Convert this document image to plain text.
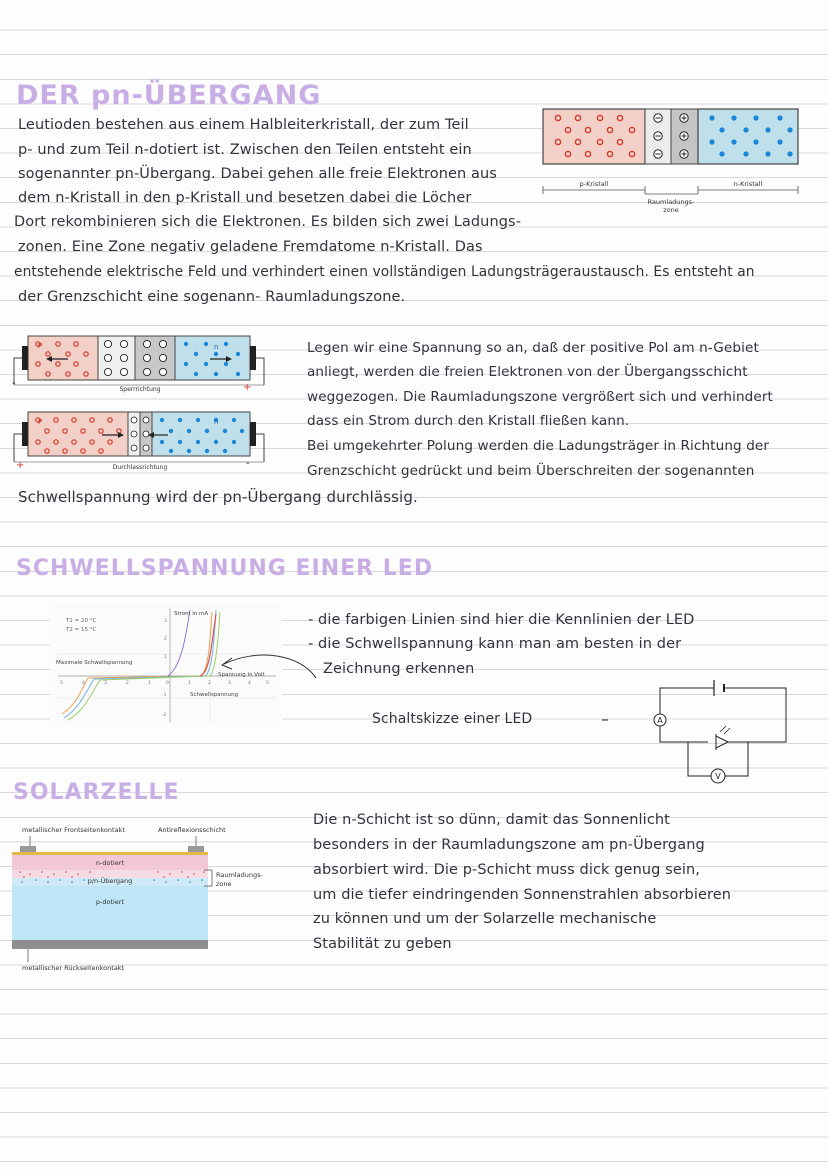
DER pn-ÜBERGANG
Leutioden bestehen aus einem Halbleiterkristall, der zum Teil
p- und zum Teil n-dotiert ist. Zwischen den Teilen entsteht ein
sogenannter pn-Übergang. Dabei gehen alle freie Elektronen aus
dem n-Kristall in den p-Kristall und besetzen dabei die Löcher
Dort rekombinieren sich die Elektronen. Es bilden sich zwei Ladungs-
zonen. Eine Zone negativ geladene Fremdatome n-Kristall. Das
entstehende elektrische Feld und verhindert einen vollständigen Ladungsträgeraustausch. Es entsteht an
der Grenzschicht eine sogenann- Raumladungszone.
p-Kristall	n-Kristall
Raumladungs-
zone
P	n
-	+
Sperrrichtung
P	n
+	-
Durchlassrichtung
Legen wir eine Spannung so an, daß der positive Pol am n-Gebiet
anliegt, werden die freien Elektronen von der Übergangsschicht
weggezogen. Die Raumladungszone vergrößert sich und verhindert
dass ein Strom durch den Kristall fließen kann.
Bei umgekehrter Polung werden die Ladungsträger in Richtung der
Grenzschicht gedrückt und beim Überschreiten der sogenannten
Schwellspannung wird der pn-Übergang durchlässig.
SCHWELLSPANNUNG EINER LED
T1 = 20 °C
T2 = 15 °C
Strom in mA
Spannung in Volt
Maximale Schwellspannung
Schwellspannung
5	4	3	2	1	0	1	2	3	4	5
3
2
1
-1
-2
- die farbigen Linien sind hier die Kennlinien der LED
- die Schwellspannung kann man am besten in der
Zeichnung erkennen
Schaltskizze einer LED	A
V
SOLARZELLE
metallischer Frontseitenkontakt	Antireflexionsschicht
n-dotiert
p/n-Übergang
Raumladungs-
zone
p-dotiert
metallischer Rückseitenkontakt
Die n-Schicht ist so dünn, damit das Sonnenlicht
besonders in der Raumladungszone am pn-Übergang
absorbiert wird. Die p-Schicht muss dick genug sein,
um die tiefer eindringenden Sonnenstrahlen absorbieren
zu können und um der Solarzelle mechanische
Stabilität zu geben
